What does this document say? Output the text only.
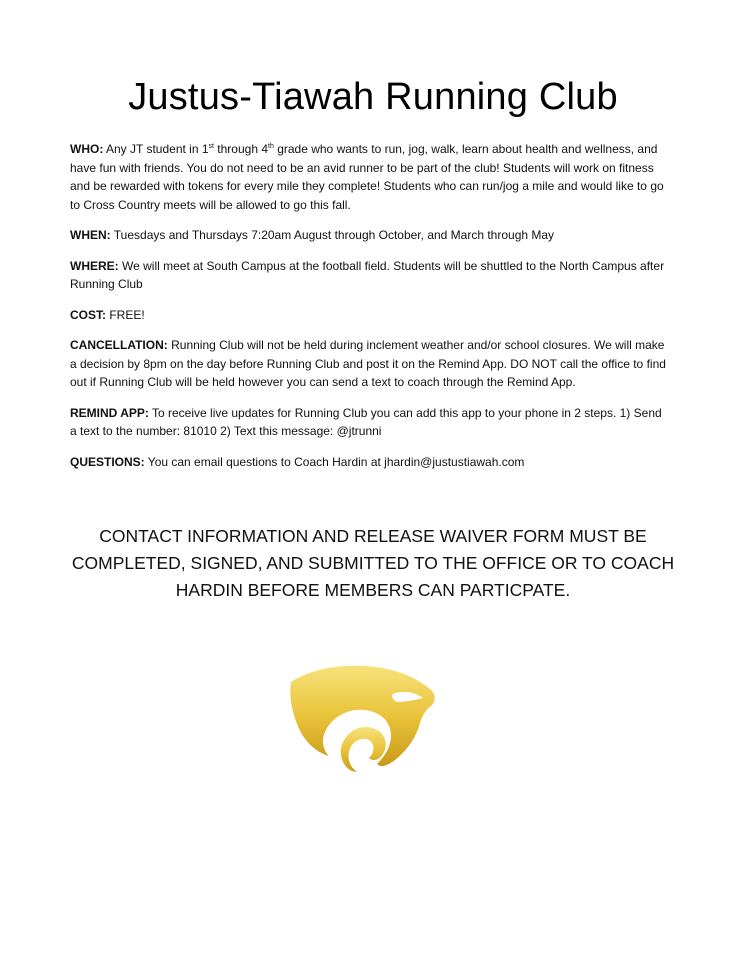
Justus-Tiawah Running Club

WHO: Any JT student in 1st through 4th grade who wants to run, jog, walk, learn about health and wellness, and have fun with friends. You do not need to be an avid runner to be part of the club! Students will work on fitness and be rewarded with tokens for every mile they complete! Students who can run/jog a mile and would like to go to Cross Country meets will be allowed to go this fall.

WHEN: Tuesdays and Thursdays 7:20am August through October, and March through May

WHERE: We will meet at South Campus at the football field. Students will be shuttled to the North Campus after Running Club

COST: FREE!

CANCELLATION: Running Club will not be held during inclement weather and/or school closures. We will make a decision by 8pm on the day before Running Club and post it on the Remind App. DO NOT call the office to find out if Running Club will be held however you can send a text to coach through the Remind App.

REMIND APP: To receive live updates for Running Club you can add this app to your phone in 2 steps. 1) Send a text to the number: 81010 2) Text this message: @jtrunni

QUESTIONS: You can email questions to Coach Hardin at jhardin@justustiawah.com

CONTACT INFORMATION AND RELEASE WAIVER FORM MUST BE COMPLETED, SIGNED, AND SUBMITTED TO THE OFFICE OR TO COACH HARDIN BEFORE MEMBERS CAN PARTICPATE.
